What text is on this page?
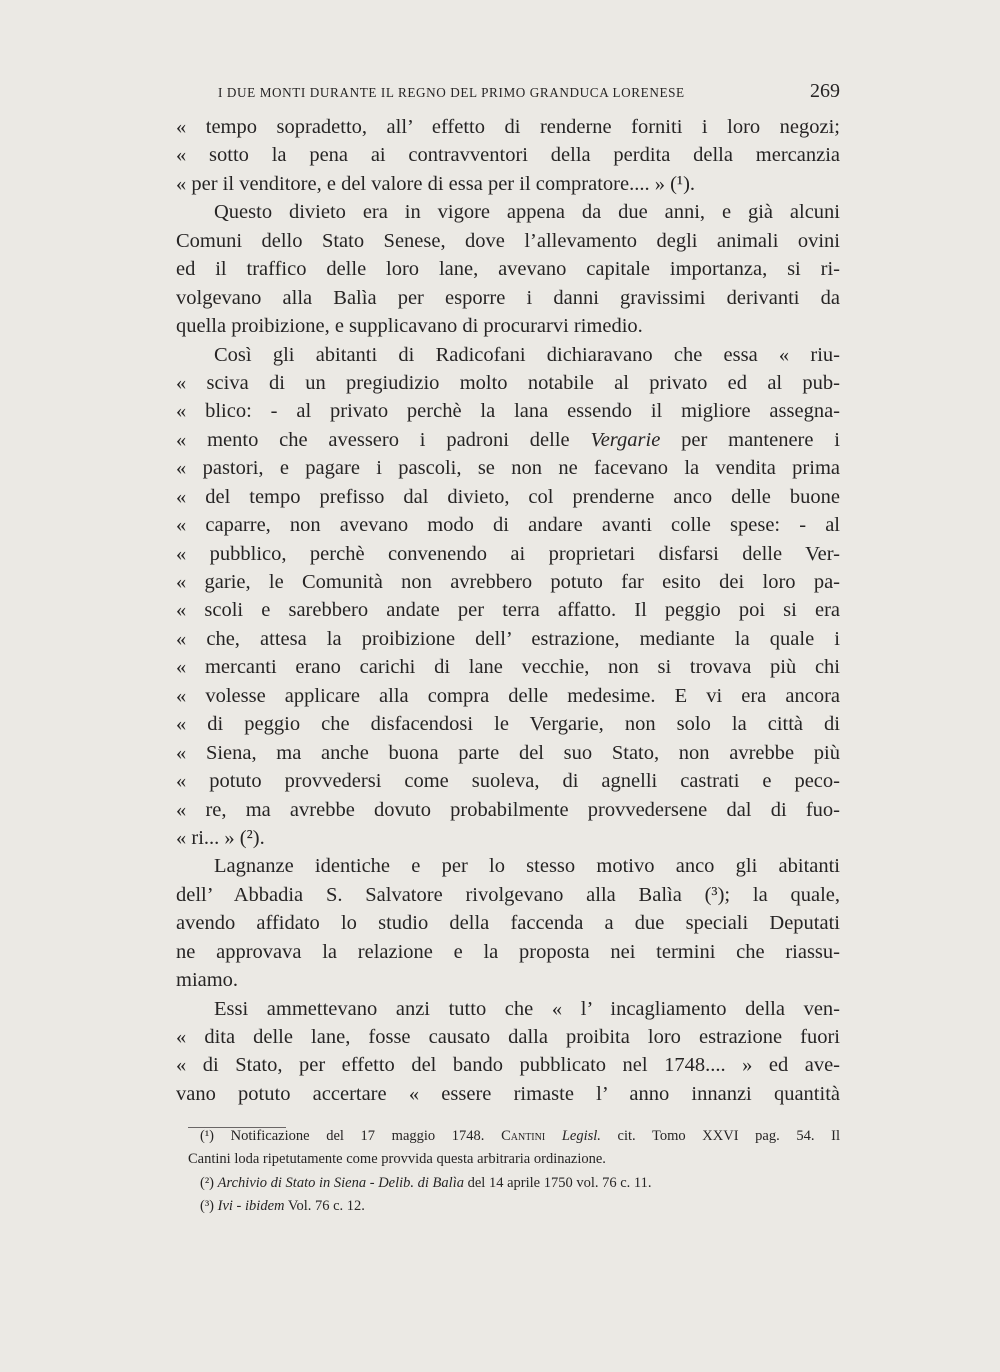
I DUE MONTI DURANTE IL REGNO DEL PRIMO GRANDUCA LORENESE	269
« tempo sopradetto, all’ effetto di renderne forniti i loro negozi;
« sotto la pena ai contravventori della perdita della mercanzia
« per il venditore, e del valore di essa per il compratore.... » (¹).
Questo divieto era in vigore appena da due anni, e già alcuni
Comuni dello Stato Senese, dove l’allevamento degli animali ovini
ed il traffico delle loro lane, avevano capitale importanza, si ri-
volgevano alla Balìa per esporre i danni gravissimi derivanti da
quella proibizione, e supplicavano di procurarvi rimedio.
Così gli abitanti di Radicofani dichiaravano che essa « riu-
« sciva di un pregiudizio molto notabile al privato ed al pub-
« blico: - al privato perchè la lana essendo il migliore assegna-
« mento che avessero i padroni delle Vergarie per mantenere i
« pastori, e pagare i pascoli, se non ne facevano la vendita prima
« del tempo prefisso dal divieto, col prenderne anco delle buone
« caparre, non avevano modo di andare avanti colle spese: - al
« pubblico, perchè convenendo ai proprietari disfarsi delle Ver-
« garie, le Comunità non avrebbero potuto far esito dei loro pa-
« scoli e sarebbero andate per terra affatto. Il peggio poi si era
« che, attesa la proibizione dell’ estrazione, mediante la quale i
« mercanti erano carichi di lane vecchie, non si trovava più chi
« volesse applicare alla compra delle medesime. E vi era ancora
« di peggio che disfacendosi le Vergarie, non solo la città di
« Siena, ma anche buona parte del suo Stato, non avrebbe più
« potuto provvedersi come suoleva, di agnelli castrati e peco-
« re, ma avrebbe dovuto probabilmente provvedersene dal di fuo-
« ri... » (²).
Lagnanze identiche e per lo stesso motivo anco gli abitanti
dell’ Abbadia S. Salvatore rivolgevano alla Balìa (³); la quale,
avendo affidato lo studio della faccenda a due speciali Deputati
ne approvava la relazione e la proposta nei termini che riassu-
miamo.
Essi ammettevano anzi tutto che « l’ incagliamento della ven-
« dita delle lane, fosse causato dalla proibita loro estrazione fuori
« di Stato, per effetto del bando pubblicato nel 1748.... » ed ave-
vano potuto accertare « essere rimaste l’ anno innanzi quantità
(¹) Notificazione del 17 maggio 1748. Cantini Legisl. cit. Tomo XXVI pag. 54. Il
Cantini loda ripetutamente come provvida questa arbitraria ordinazione.
(²) Archivio di Stato in Siena - Delib. di Balìa del 14 aprile 1750 vol. 76 c. 11.
(³) Ivi - ibidem Vol. 76 c. 12.
